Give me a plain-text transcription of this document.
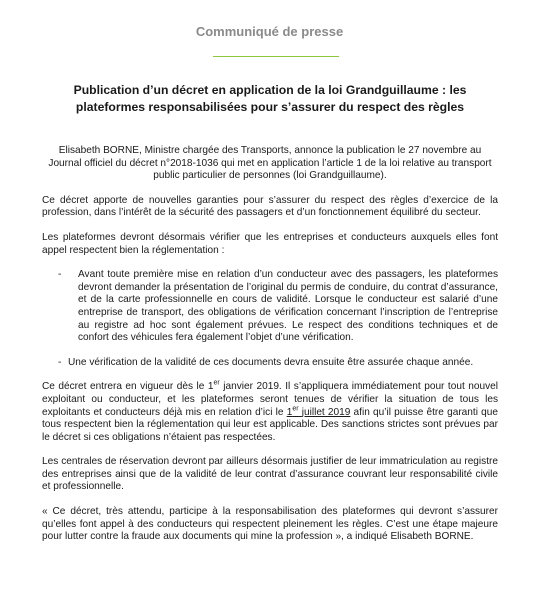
Communiqué de presse
Publication d’un décret en application de la loi Grandguillaume : les
plateformes responsabilisées pour s’assurer du respect des règles

Elisabeth BORNE, Ministre chargée des Transports, annonce la publication le 27 novembre au Journal officiel du décret n°2018-1036 qui met en application l’article 1 de la loi relative au transport public particulier de personnes (loi Grandguillaume).

Ce décret apporte de nouvelles garanties pour s’assurer du respect des règles d’exercice de la profession, dans l’intérêt de la sécurité des passagers et d’un fonctionnement équilibré du secteur.

Les plateformes devront désormais vérifier que les entreprises et conducteurs auxquels elles font appel respectent bien la réglementation :

- Avant toute première mise en relation d’un conducteur avec des passagers, les plateformes devront demander la présentation de l’original du permis de conduire, du contrat d’assurance, et de la carte professionnelle en cours de validité. Lorsque le conducteur est salarié d’une entreprise de transport, des obligations de vérification concernant l’inscription de l’entreprise au registre ad hoc sont également prévues. Le respect des conditions techniques et de confort des véhicules fera également l’objet d’une vérification.
- Une vérification de la validité de ces documents devra ensuite être assurée chaque année.

Ce décret entrera en vigueur dès le 1er janvier 2019. Il s’appliquera immédiatement pour tout nouvel exploitant ou conducteur, et les plateformes seront tenues de vérifier la situation de tous les exploitants et conducteurs déjà mis en relation d’ici le 1er juillet 2019 afin qu’il puisse être garanti que tous respectent bien la réglementation qui leur est applicable. Des sanctions strictes sont prévues par le décret si ces obligations n’étaient pas respectées.

Les centrales de réservation devront par ailleurs désormais justifier de leur immatriculation au registre des entreprises ainsi que de la validité de leur contrat d’assurance couvrant leur responsabilité civile et professionnelle.

« Ce décret, très attendu, participe à la responsabilisation des plateformes qui devront s’assurer qu’elles font appel à des conducteurs qui respectent pleinement les règles. C’est une étape majeure pour lutter contre la fraude aux documents qui mine la profession », a indiqué Elisabeth BORNE.
